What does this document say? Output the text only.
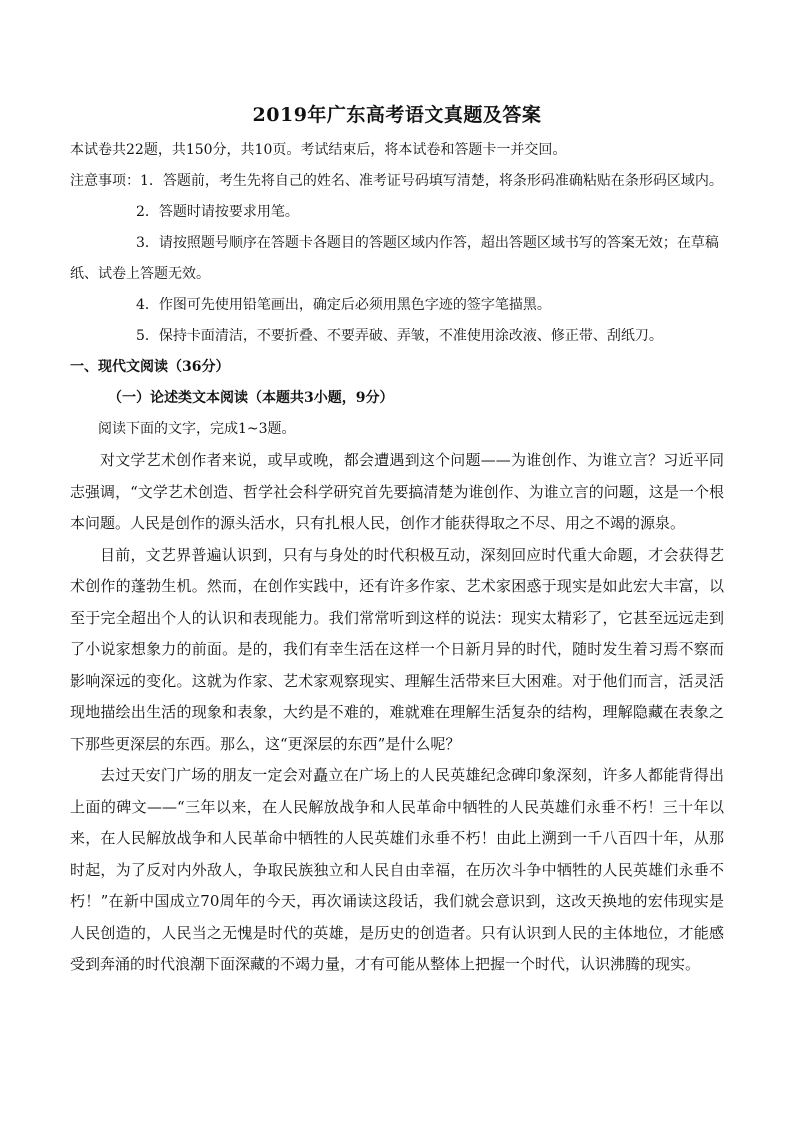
2019年广东高考语文真题及答案

本试卷共22题，共150分，共10页。考试结束后，将本试卷和答题卡一并交回。

注意事项：1．答题前，考生先将自己的姓名、准考证号码填写清楚，将条形码准确粘贴在条形码区域内。

2．答题时请按要求用笔。

3．请按照题号顺序在答题卡各题目的答题区域内作答，超出答题区域书写的答案无效；在草稿

纸、试卷上答题无效。

4．作图可先使用铅笔画出，确定后必须用黑色字迹的签字笔描黑。

5．保持卡面清洁，不要折叠、不要弄破、弄皱，不准使用涂改液、修正带、刮纸刀。

一、现代文阅读（36分）

（一）论述类文本阅读（本题共3小题，9分）

阅读下面的文字，完成1~3题。

对文学艺术创作者来说，或早或晚，都会遭遇到这个问题——为谁创作、为谁立言？习近平同志强调，“文学艺术创造、哲学社会科学研究首先要搞清楚为谁创作、为谁立言的问题，这是一个根本问题。人民是创作的源头活水，只有扎根人民，创作才能获得取之不尽、用之不竭的源泉。

目前，文艺界普遍认识到，只有与身处的时代积极互动，深刻回应时代重大命题，才会获得艺术创作的蓬勃生机。然而，在创作实践中，还有许多作家、艺术家困惑于现实是如此宏大丰富，以至于完全超出个人的认识和表现能力。我们常常听到这样的说法：现实太精彩了，它甚至远远走到了小说家想象力的前面。是的，我们有幸生活在这样一个日新月异的时代，随时发生着习焉不察而影响深远的变化。这就为作家、艺术家观察现实、理解生活带来巨大困难。对于他们而言，活灵活现地描绘出生活的现象和表象，大约是不难的，难就难在理解生活复杂的结构，理解隐藏在表象之下那些更深层的东西。那么，这“更深层的东西”是什么呢？

去过天安门广场的朋友一定会对矗立在广场上的人民英雄纪念碑印象深刻，许多人都能背得出上面的碑文——“三年以来，在人民解放战争和人民革命中牺牲的人民英雄们永垂不朽！三十年以来，在人民解放战争和人民革命中牺牲的人民英雄们永垂不朽！由此上溯到一千八百四十年，从那时起，为了反对内外敌人，争取民族独立和人民自由幸福，在历次斗争中牺牲的人民英雄们永垂不朽！”在新中国成立70周年的今天，再次诵读这段话，我们就会意识到，这改天换地的宏伟现实是人民创造的，人民当之无愧是时代的英雄，是历史的创造者。只有认识到人民的主体地位，才能感受到奔涌的时代浪潮下面深藏的不竭力量，才有可能从整体上把握一个时代，认识沸腾的现实。
